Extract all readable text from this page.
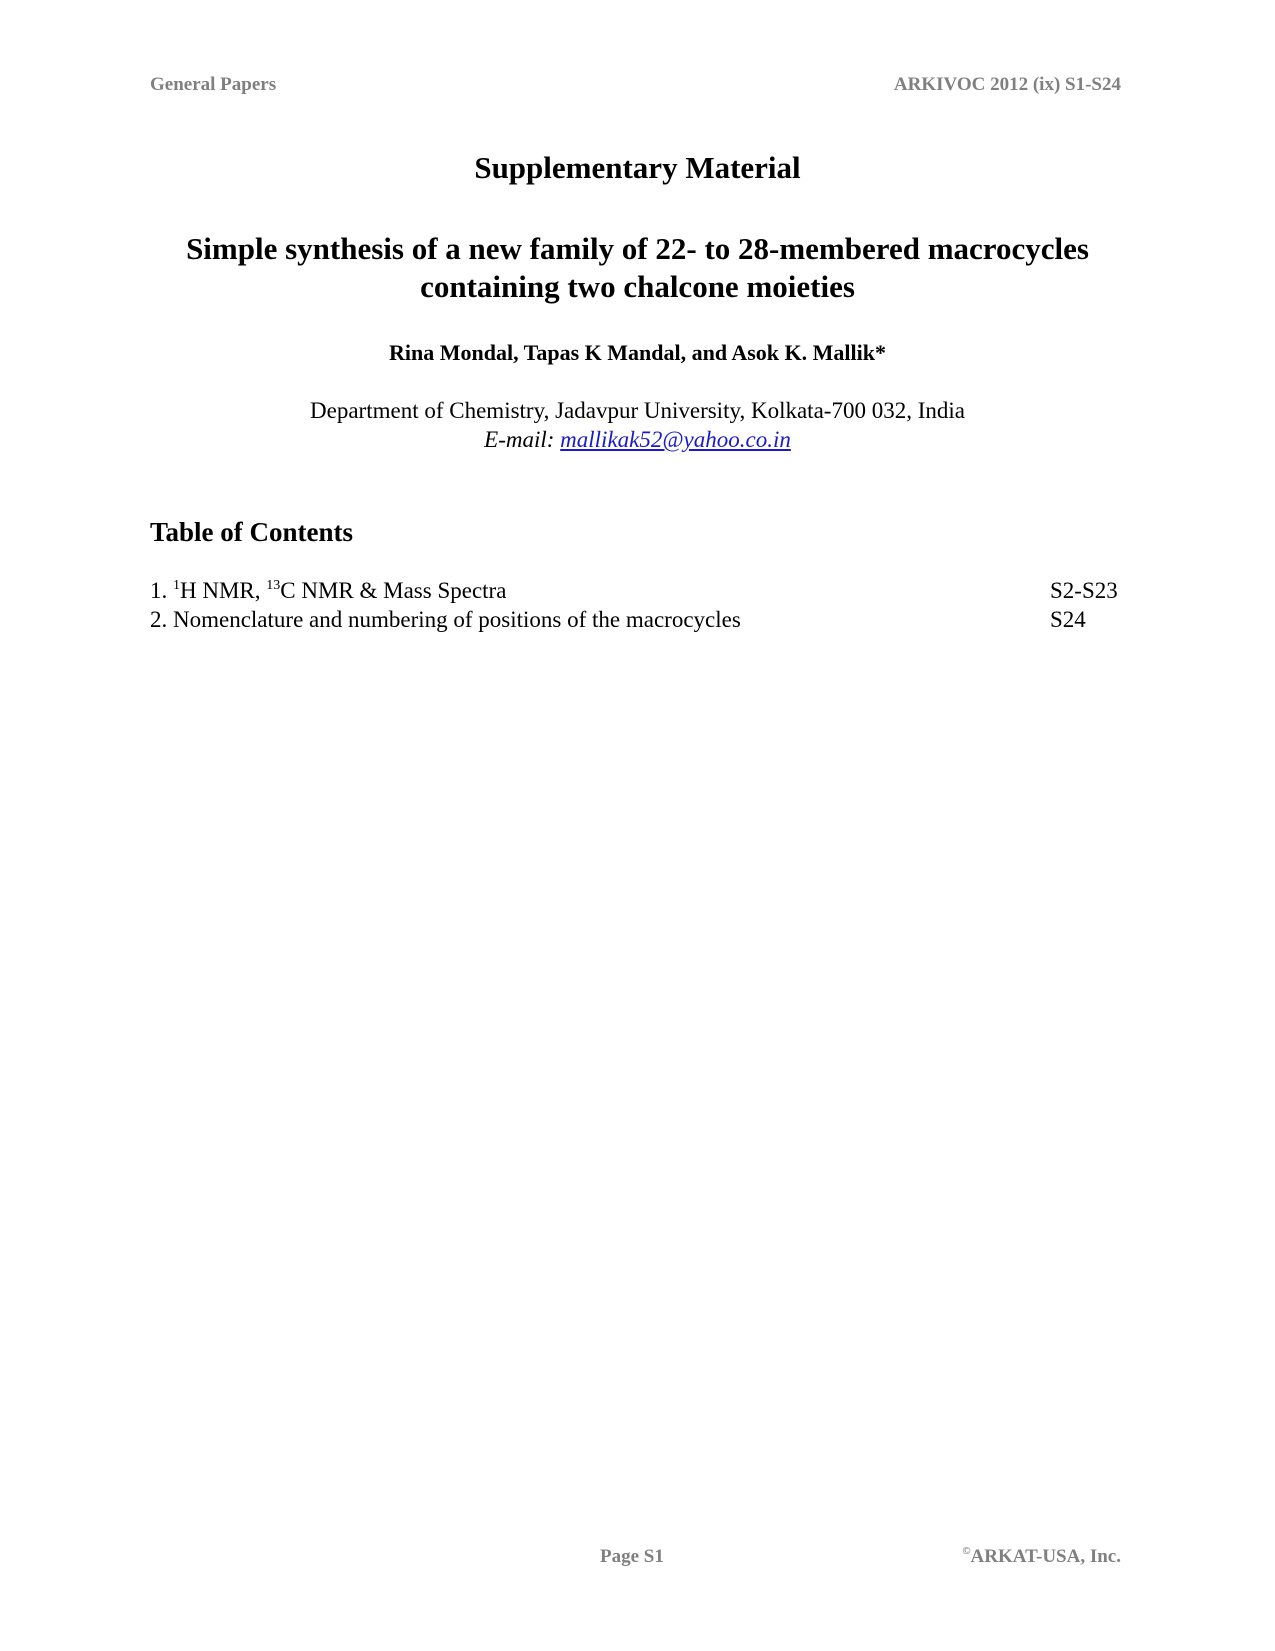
General Papers	ARKIVOC 2012 (ix) S1-S24
Supplementary Material
Simple synthesis of a new family of 22- to 28-membered macrocycles
containing two chalcone moieties
Rina Mondal, Tapas K Mandal, and Asok K. Mallik*
Department of Chemistry, Jadavpur University, Kolkata-700 032, India
E-mail: mallikak52@yahoo.co.in
Table of Contents
1. $^1$H NMR, $^{13}$C NMR & Mass Spectra	S2-S23
2. Nomenclature and numbering of positions of the macrocycles	S24
Page S1	©ARKAT-USA, Inc.
